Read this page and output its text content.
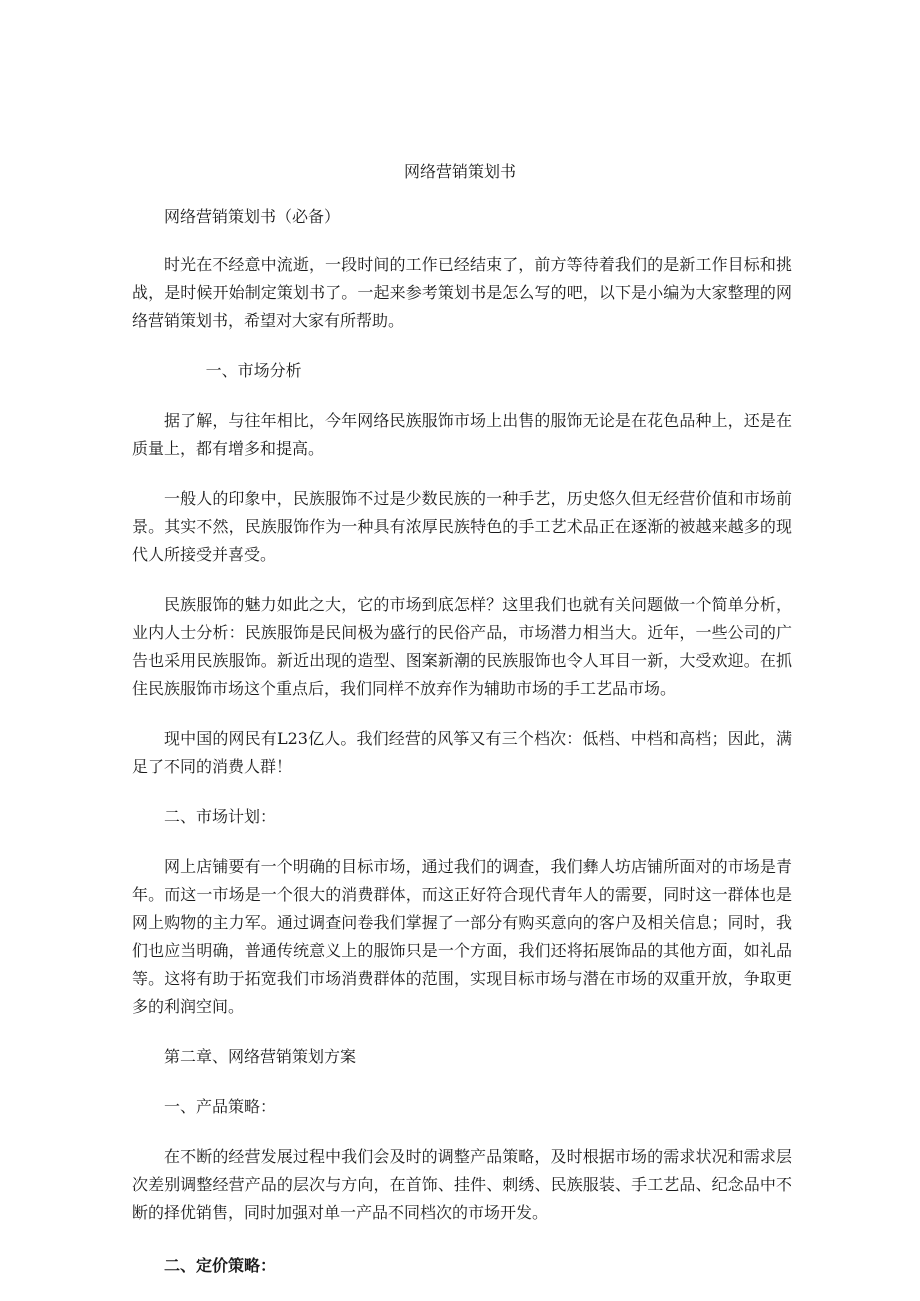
网络营销策划书

网络营销策划书（必备）

时光在不经意中流逝，一段时间的工作已经结束了，前方等待着我们的是新工作目标和挑战，是时候开始制定策划书了。一起来参考策划书是怎么写的吧，以下是小编为大家整理的网络营销策划书，希望对大家有所帮助。

一、市场分析

据了解，与往年相比，今年网络民族服饰市场上出售的服饰无论是在花色品种上，还是在质量上，都有增多和提高。

一般人的印象中，民族服饰不过是少数民族的一种手艺，历史悠久但无经营价值和市场前景。其实不然，民族服饰作为一种具有浓厚民族特色的手工艺术品正在逐渐的被越来越多的现代人所接受并喜受。

民族服饰的魅力如此之大，它的市场到底怎样？这里我们也就有关问题做一个简单分析，业内人士分析：民族服饰是民间极为盛行的民俗产品，市场潜力相当大。近年，一些公司的广告也采用民族服饰。新近出现的造型、图案新潮的民族服饰也令人耳目一新，大受欢迎。在抓住民族服饰市场这个重点后，我们同样不放弃作为辅助市场的手工艺品市场。

现中国的网民有L23亿人。我们经营的风筝又有三个档次：低档、中档和高档；因此，满足了不同的消费人群！

二、市场计划：

网上店铺要有一个明确的目标市场，通过我们的调查，我们彝人坊店铺所面对的市场是青年。而这一市场是一个很大的消费群体，而这正好符合现代青年人的需要，同时这一群体也是网上购物的主力军。通过调查问卷我们掌握了一部分有购买意向的客户及相关信息；同时，我们也应当明确，普通传统意义上的服饰只是一个方面，我们还将拓展饰品的其他方面，如礼品等。这将有助于拓宽我们市场消费群体的范围，实现目标市场与潜在市场的双重开放，争取更多的利润空间。

第二章、网络营销策划方案

一、产品策略：

在不断的经营发展过程中我们会及时的调整产品策略，及时根据市场的需求状况和需求层次差别调整经营产品的层次与方向，在首饰、挂件、刺绣、民族服装、手工艺品、纪念品中不断的择优销售，同时加强对单一产品不同档次的市场开发。

二、定价策略：
